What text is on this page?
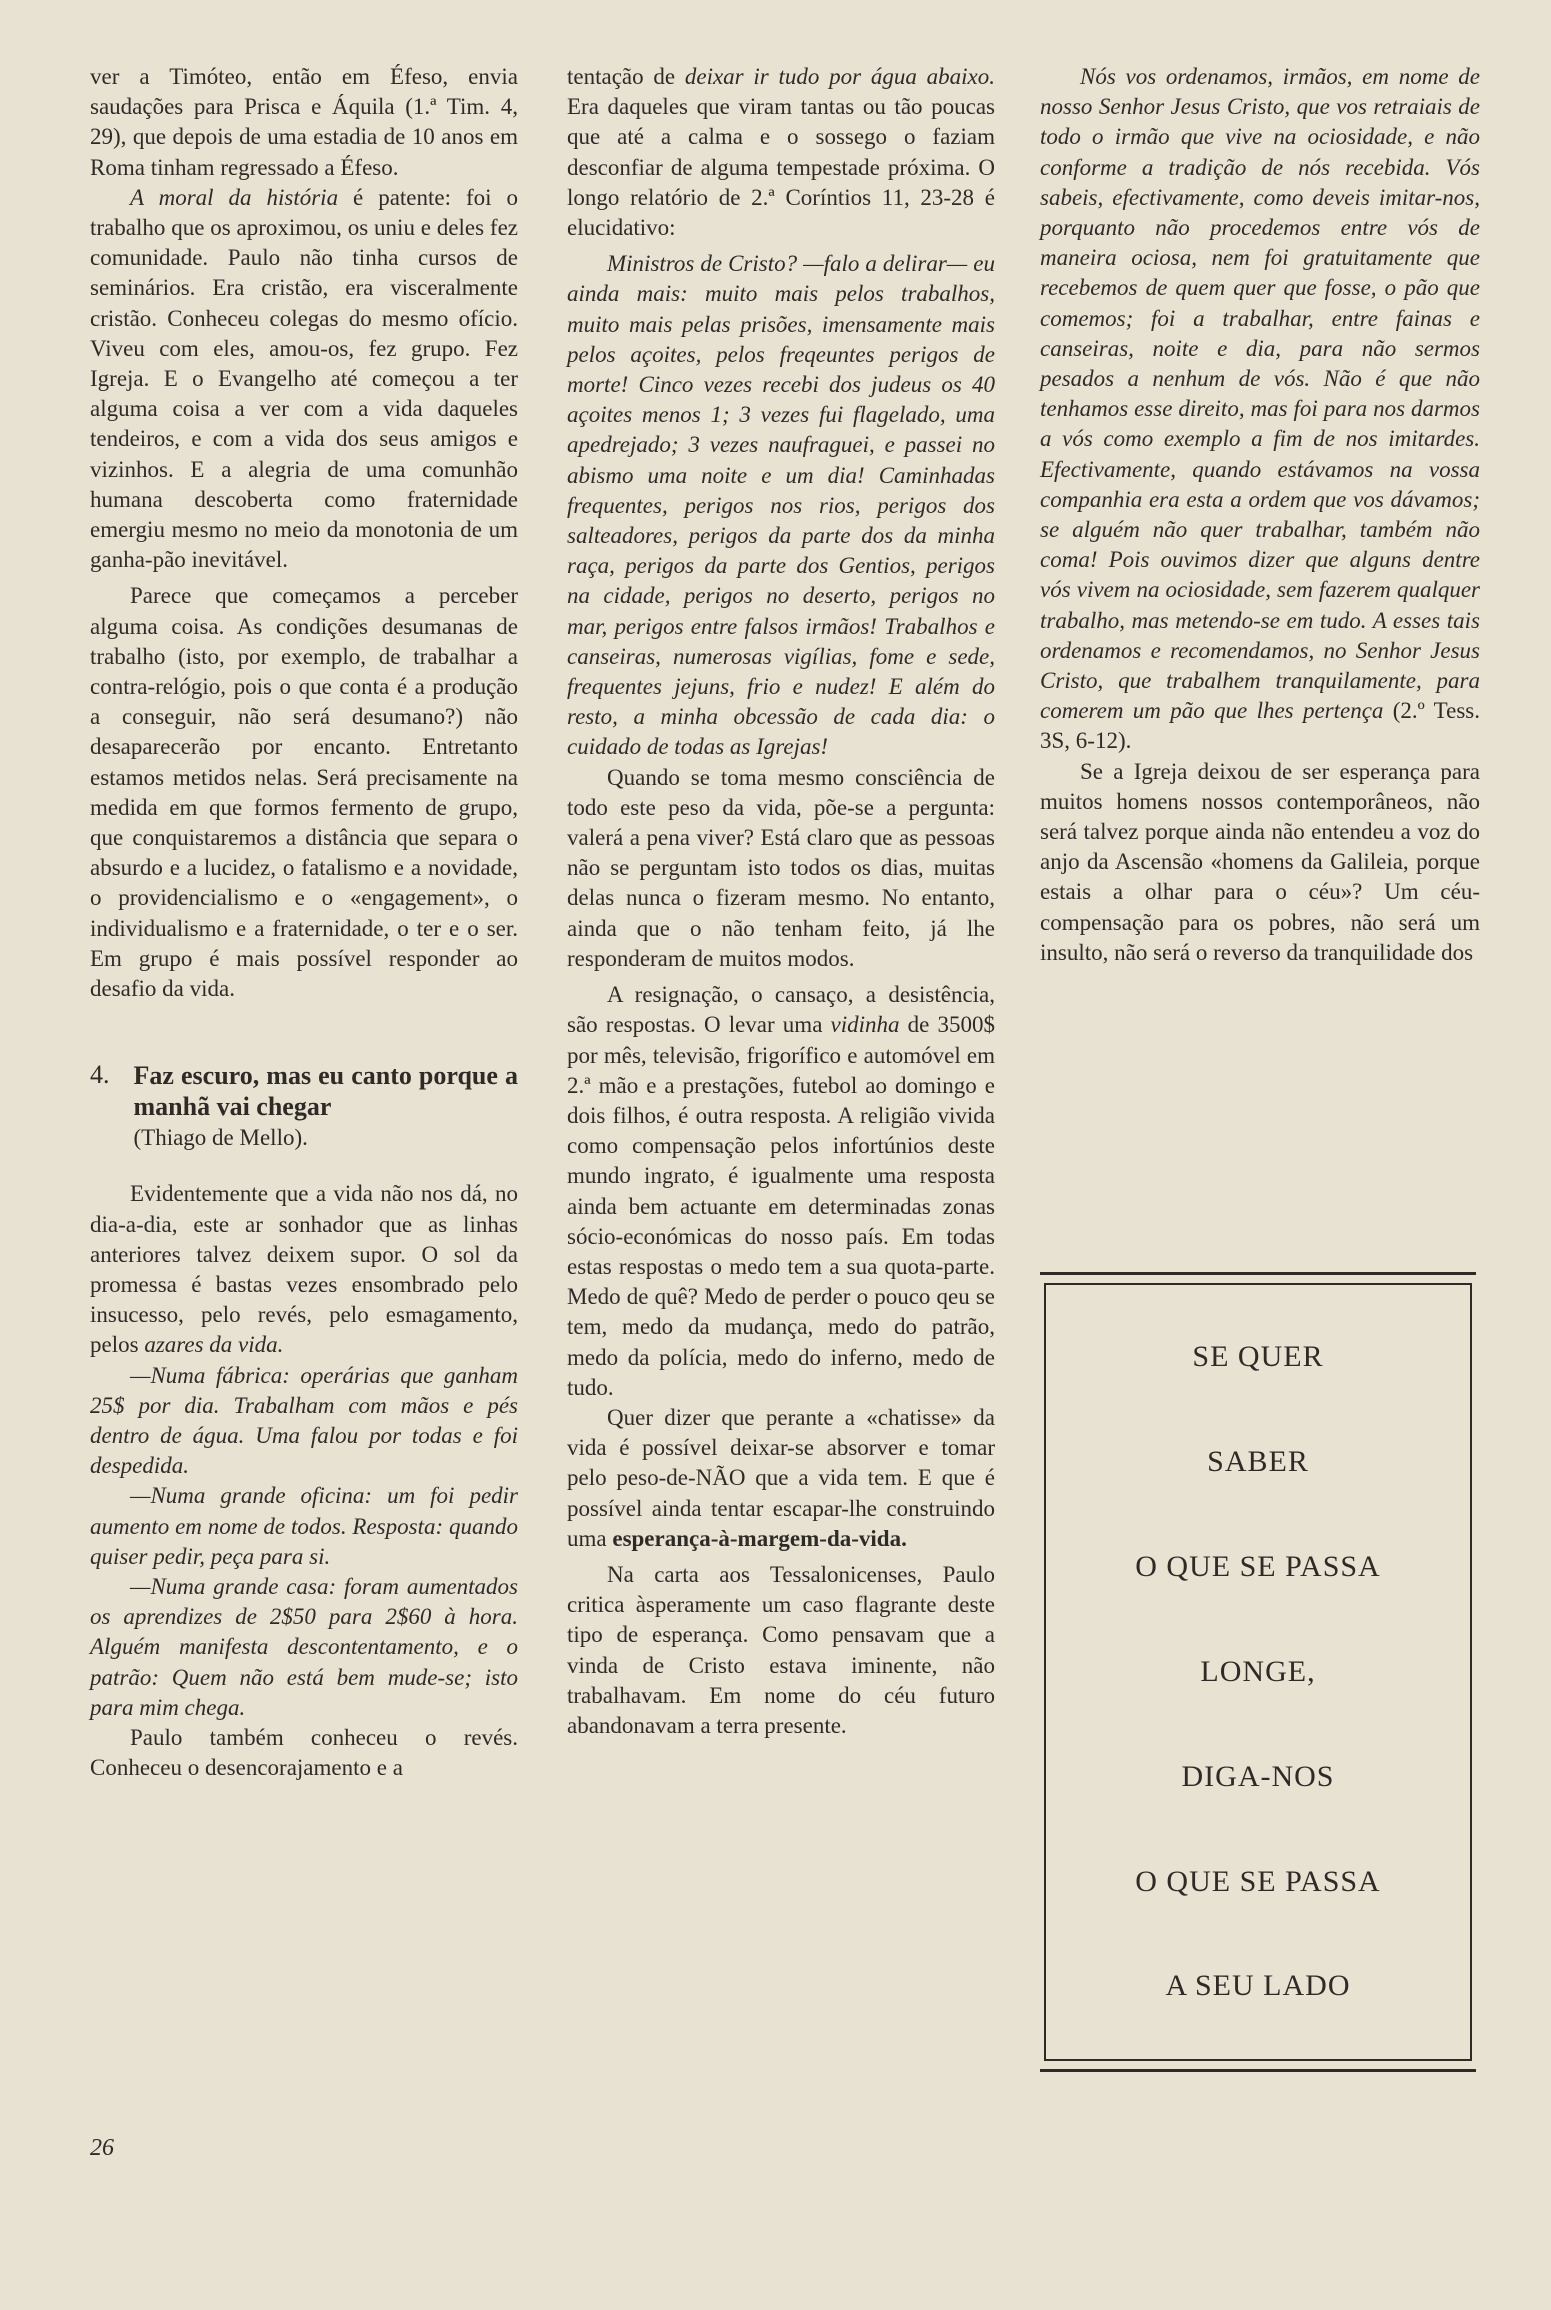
ver a Timóteo, então em Éfeso, envia saudações para Prisca e Áquila (1.ª Tim. 4, 29), que depois de uma estadia de 10 anos em Roma tinham regressado a Éfeso.

A moral da história é patente: foi o trabalho que os aproximou, os uniu e deles fez comunidade. Paulo não tinha cursos de seminários. Era cristão, era visceralmente cristão. Conheceu colegas do mesmo ofício. Viveu com eles, amou-os, fez grupo. Fez Igreja. E o Evangelho até começou a ter alguma coisa a ver com a vida daqueles tendeiros, e com a vida dos seus amigos e vizinhos. E a alegria de uma comunhão humana descoberta como fraternidade emergiu mesmo no meio da monotonia de um ganha-pão inevitável.

Parece que começamos a perceber alguma coisa. As condições desumanas de trabalho (isto, por exemplo, de trabalhar a contra-relógio, pois o que conta é a produção a conseguir, não será desumano?) não desaparecerão por encanto. Entretanto estamos metidos nelas. Será precisamente na medida em que formos fermento de grupo, que conquistaremos a distância que separa o absurdo e a lucidez, o fatalismo e a novidade, o providencialismo e o «engagement», o individualismo e a fraternidade, o ter e o ser. Em grupo é mais possível responder ao desafio da vida.

4. Faz escuro, mas eu canto porque a manhã vai chegar
(Thiago de Mello).

Evidentemente que a vida não nos dá, no dia-a-dia, este ar sonhador que as linhas anteriores talvez deixem supor. O sol da promessa é bastas vezes ensombrado pelo insucesso, pelo revés, pelo esmagamento, pelos azares da vida.

—Numa fábrica: operárias que ganham 25$ por dia. Trabalham com mãos e pés dentro de água. Uma falou por todas e foi despedida.

—Numa grande oficina: um foi pedir aumento em nome de todos. Resposta: quando quiser pedir, peça para si.

—Numa grande casa: foram aumentados os aprendizes de 2$50 para 2$60 à hora. Alguém manifesta descontentamento, e o patrão: Quem não está bem mude-se; isto para mim chega.

Paulo também conheceu o revés. Conheceu o desencorajamento e a

tentação de deixar ir tudo por água abaixo. Era daqueles que viram tantas ou tão poucas que até a calma e o sossego o faziam desconfiar de alguma tempestade próxima. O longo relatório de 2.ª Coríntios 11, 23-28 é elucidativo:

Ministros de Cristo? —falo a delirar— eu ainda mais: muito mais pelos trabalhos, muito mais pelas prisões, imensamente mais pelos açoites, pelos freqeuntes perigos de morte! Cinco vezes recebi dos judeus os 40 açoites menos 1; 3 vezes fui flagelado, uma apedrejado; 3 vezes naufraguei, e passei no abismo uma noite e um dia! Caminhadas frequentes, perigos nos rios, perigos dos salteadores, perigos da parte dos da minha raça, perigos da parte dos Gentios, perigos na cidade, perigos no deserto, perigos no mar, perigos entre falsos irmãos! Trabalhos e canseiras, numerosas vigílias, fome e sede, frequentes jejuns, frio e nudez! E além do resto, a minha obcessão de cada dia: o cuidado de todas as Igrejas!

Quando se toma mesmo consciência de todo este peso da vida, põe-se a pergunta: valerá a pena viver? Está claro que as pessoas não se perguntam isto todos os dias, muitas delas nunca o fizeram mesmo. No entanto, ainda que o não tenham feito, já lhe responderam de muitos modos.

A resignação, o cansaço, a desistência, são respostas. O levar uma vidinha de 3500$ por mês, televisão, frigorífico e automóvel em 2.ª mão e a prestações, futebol ao domingo e dois filhos, é outra resposta. A religião vivida como compensação pelos infortúnios deste mundo ingrato, é igualmente uma resposta ainda bem actuante em determinadas zonas sócio-económicas do nosso país. Em todas estas respostas o medo tem a sua quota-parte. Medo de quê? Medo de perder o pouco qeu se tem, medo da mudança, medo do patrão, medo da polícia, medo do inferno, medo de tudo.

Quer dizer que perante a «chatisse» da vida é possível deixar-se absorver e tomar pelo peso-de-NÃO que a vida tem. E que é possível ainda tentar escapar-lhe construindo uma esperança-à-margem-da-vida.

Na carta aos Tessalonicenses, Paulo critica àsperamente um caso flagrante deste tipo de esperança. Como pensavam que a vinda de Cristo estava iminente, não trabalhavam. Em nome do céu futuro abandonavam a terra presente.

Nós vos ordenamos, irmãos, em nome de nosso Senhor Jesus Cristo, que vos retraiais de todo o irmão que vive na ociosidade, e não conforme a tradição de nós recebida. Vós sabeis, efectivamente, como deveis imitar-nos, porquanto não procedemos entre vós de maneira ociosa, nem foi gratuitamente que recebemos de quem quer que fosse, o pão que comemos; foi a trabalhar, entre fainas e canseiras, noite e dia, para não sermos pesados a nenhum de vós. Não é que não tenhamos esse direito, mas foi para nos darmos a vós como exemplo a fim de nos imitardes. Efectivamente, quando estávamos na vossa companhia era esta a ordem que vos dávamos; se alguém não quer trabalhar, também não coma! Pois ouvimos dizer que alguns dentre vós vivem na ociosidade, sem fazerem qualquer trabalho, mas metendo-se em tudo. A esses tais ordenamos e recomendamos, no Senhor Jesus Cristo, que trabalhem tranquilamente, para comerem um pão que lhes pertença (2.º Tess. 3S, 6-12).

Se a Igreja deixou de ser esperança para muitos homens nossos contemporâneos, não será talvez porque ainda não entendeu a voz do anjo da Ascensão «homens da Galileia, porque estais a olhar para o céu»? Um céu-compensação para os pobres, não será um insulto, não será o reverso da tranquilidade dos

SE QUER
SABER
O QUE SE PASSA
LONGE,
DIGA-NOS
O QUE SE PASSA
A SEU LADO
26
